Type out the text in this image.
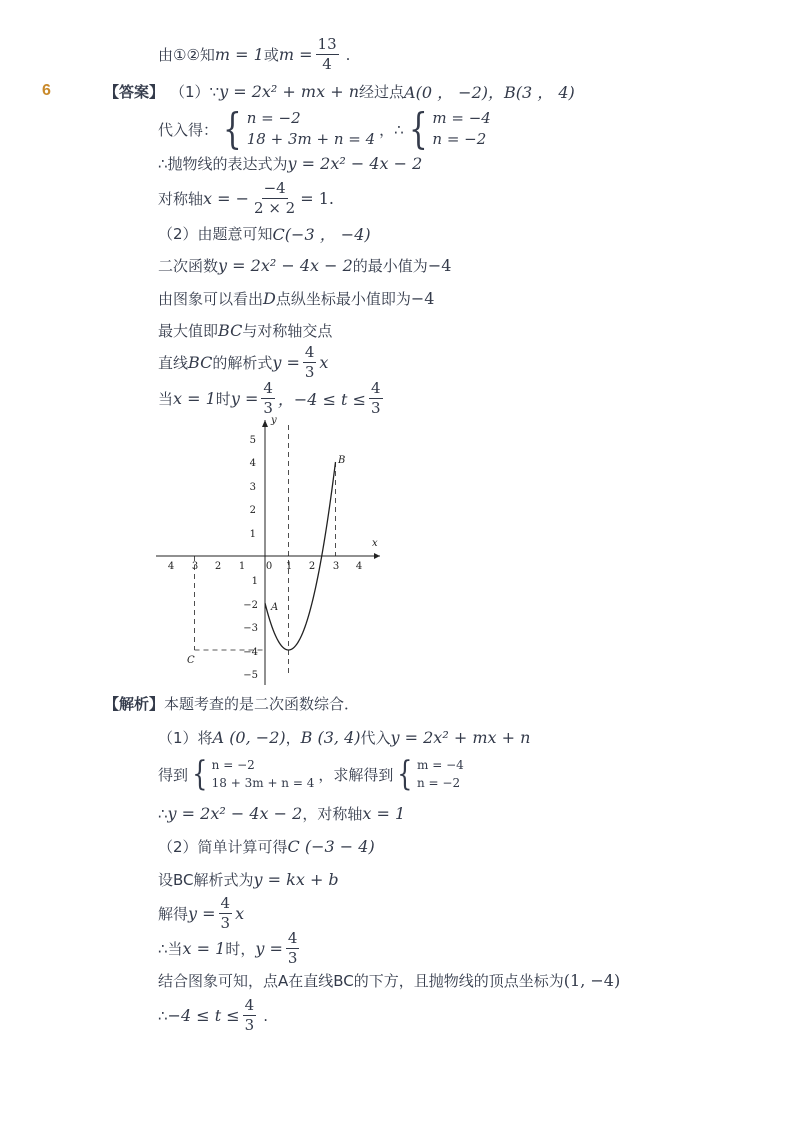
由①②知 m = 1 或 $m = \frac{13}{4}$ .
6	【答案】 （1）∵ y = 2x² + mx + n 经过点 A(0 ， −2)，B(3 ， 4)
代入得： { n = −2
18 + 3m + n = 4
，∴ { m = −4
n = −2
∴抛物线的表达式为 y = 2x² − 4x − 2
对称轴 x = − $\frac{-4}{2 \times 2} = 1$.
（2）由题意可知 C(−3 ， −4)
二次函数 y = 2x² − 4x − 2 的最小值为 −4
由图象可以看出 D 点纵坐标最小值即为 −4
最大值即 BC 与对称轴交点
直线 BC 的解析式 $y = \frac{4}{3}$ x
当 x = 1 时 $y = \frac{4}{3}$ ，$-4 \le t \le \frac{4}{3}$
x
y
4 3 2 1 0 1 2 3 4
5
4
3
2
1
1
−2
−3
−4
−5
A
B
C
【解析】 本题考查的是二次函数综合．
（1）将 A (0, −2) ， B (3, 4) 代入 y = 2x² + mx + n
得到 { n = −2
18 + 3m + n = 4 ，求解得到 { m = −4
n = −2
∴ y = 2x² − 4x − 2 ，对称轴 x = 1
（2）简单计算可得 C (−3 − 4)
设BC解析式为 y = kx + b
解得 $y = \frac{4}{3}$ x
∴当 x = 1 时， $y = \frac{4}{3}$
结合图象可知，点A在直线BC的下方，且抛物线的顶点坐标为 (1, −4)
∴ $-4 \le t \le \frac{4}{3}$ .
